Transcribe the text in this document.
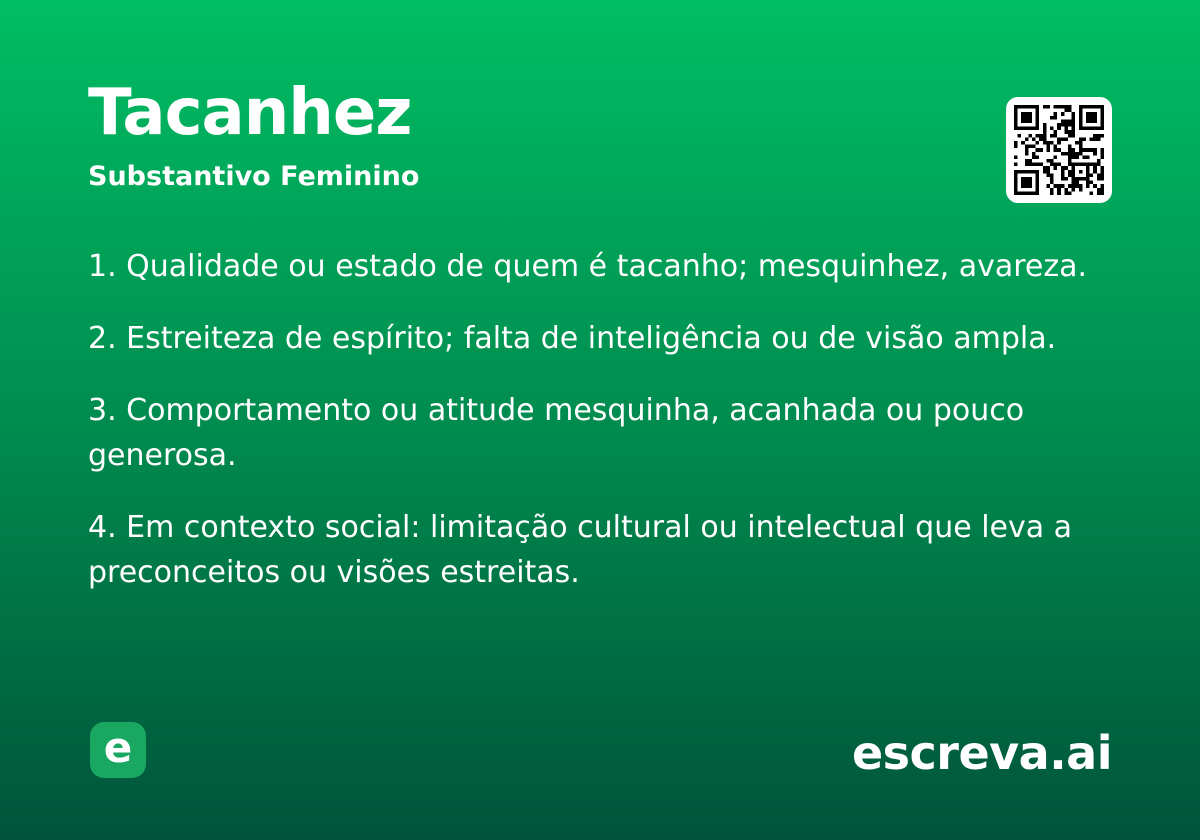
Tacanhez
Substantivo Feminino

1. Qualidade ou estado de quem é tacanho; mesquinhez, avareza.

2. Estreiteza de espírito; falta de inteligência ou de visão ampla.

3. Comportamento ou atitude mesquinha, acanhada ou pouco generosa.

4. Em contexto social: limitação cultural ou intelectual que leva a preconceitos ou visões estreitas.

e	escreva.ai
